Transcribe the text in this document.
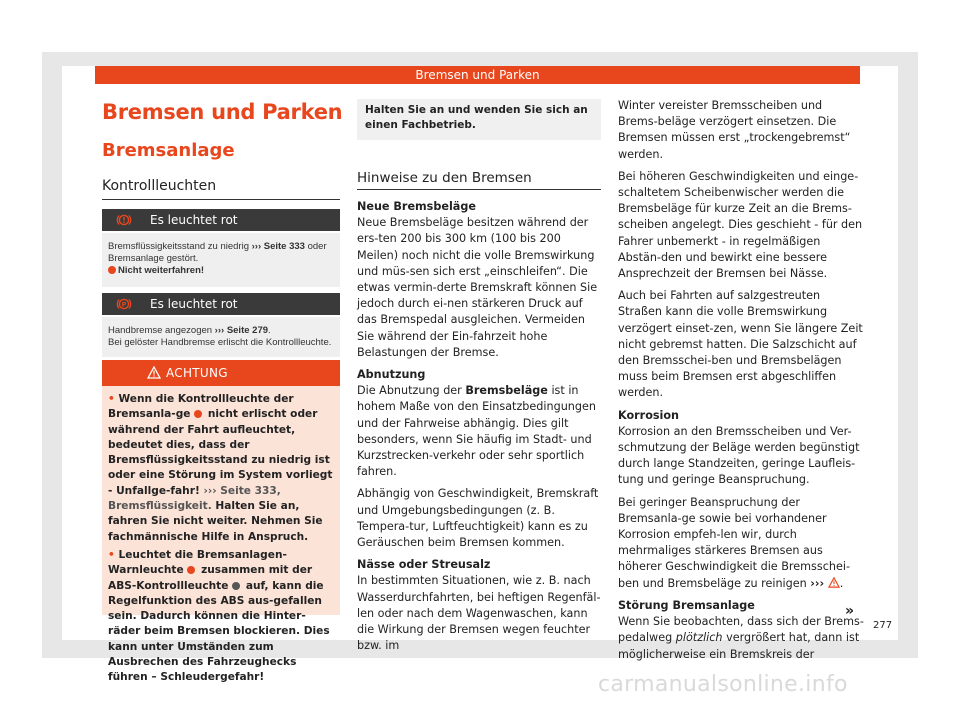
Bremsen und Parken
Bremsen und Parken
Bremsanlage
Kontrollleuchten
Es leuchtet rot
Bremsflüssigkeitsstand zu niedrig ››› Seite 333 oder
Bremsanlage gestört.
Nicht weiterfahren!
P Es leuchtet rot
Handbremse angezogen ››› Seite 279.
Bei gelöster Handbremse erlischt die Kontrollleuchte.
ACHTUNG

• Wenn die Kontrollleuchte der Bremsanla-ge nicht erlischt oder während der Fahrt aufleuchtet, bedeutet dies, dass der Bremsflüssigkeitsstand zu niedrig ist oder eine Störung im System vorliegt - Unfallge-fahr! ››› Seite 333, Bremsflüssigkeit. Halten Sie an, fahren Sie nicht weiter. Nehmen Sie fachmännische Hilfe in Anspruch.

• Leuchtet die Bremsanlagen-Warnleuchte zusammen mit der ABS-Kontrollleuchte auf, kann die Regelfunktion des ABS aus-gefallen sein. Dadurch können die Hinter-räder beim Bremsen blockieren. Dies kann unter Umständen zum Ausbrechen des Fahrzeughecks führen – Schleudergefahr!

Halten Sie an und wenden Sie sich an einen Fachbetrieb.
Hinweise zu den Bremsen

Neue Bremsbeläge

Neue Bremsbeläge besitzen während der ers-ten 200 bis 300 km (100 bis 200 Meilen) noch nicht die volle Bremswirkung und müs-sen sich erst „einschleifen“. Die etwas vermin-derte Bremskraft können Sie jedoch durch ei-nen stärkeren Druck auf das Bremspedal ausgleichen. Vermeiden Sie während der Ein-fahrzeit hohe Belastungen der Bremse.

Abnutzung

Die Abnutzung der Bremsbeläge ist in hohem Maße von den Einsatzbedingungen und der Fahrweise abhängig. Dies gilt besonders, wenn Sie häufig im Stadt- und Kurzstrecken-verkehr oder sehr sportlich fahren.

Abhängig von Geschwindigkeit, Bremskraft und Umgebungsbedingungen (z. B. Tempera-tur, Luftfeuchtigkeit) kann es zu Geräuschen beim Bremsen kommen.

Nässe oder Streusalz

In bestimmten Situationen, wie z. B. nach Wasserdurchfahrten, bei heftigen Regenfäl-len oder nach dem Wagenwaschen, kann die Wirkung der Bremsen wegen feuchter bzw. im

Winter vereister Bremsscheiben und Brems-beläge verzögert einsetzen. Die Bremsen müssen erst „trockengebremst“ werden.

Bei höheren Geschwindigkeiten und einge-schaltetem Scheibenwischer werden die Bremsbeläge für kurze Zeit an die Brems-scheiben angelegt. Dies geschieht - für den Fahrer unbemerkt - in regelmäßigen Abstän-den und bewirkt eine bessere Ansprechzeit der Bremsen bei Nässe.

Auch bei Fahrten auf salzgestreuten Straßen kann die volle Bremswirkung verzögert einset-zen, wenn Sie längere Zeit nicht gebremst hatten. Die Salzschicht auf den Bremsschei-ben und Bremsbelägen muss beim Bremsen erst abgeschliffen werden.

Korrosion

Korrosion an den Bremsscheiben und Ver-schmutzung der Beläge werden begünstigt durch lange Standzeiten, geringe Laufleis-tung und geringe Beanspruchung.

Bei geringer Beanspruchung der Bremsanla-ge sowie bei vorhandener Korrosion empfeh-len wir, durch mehrmaliges stärkeres Bremsen aus höherer Geschwindigkeit die Bremsschei-ben und Bremsbeläge zu reinigen ››› .

Störung Bremsanlage

Wenn Sie beobachten, dass sich der Brems-pedalweg plötzlich vergrößert hat, dann ist möglicherweise ein Bremskreis der

»
277
carmanualsonline.info
